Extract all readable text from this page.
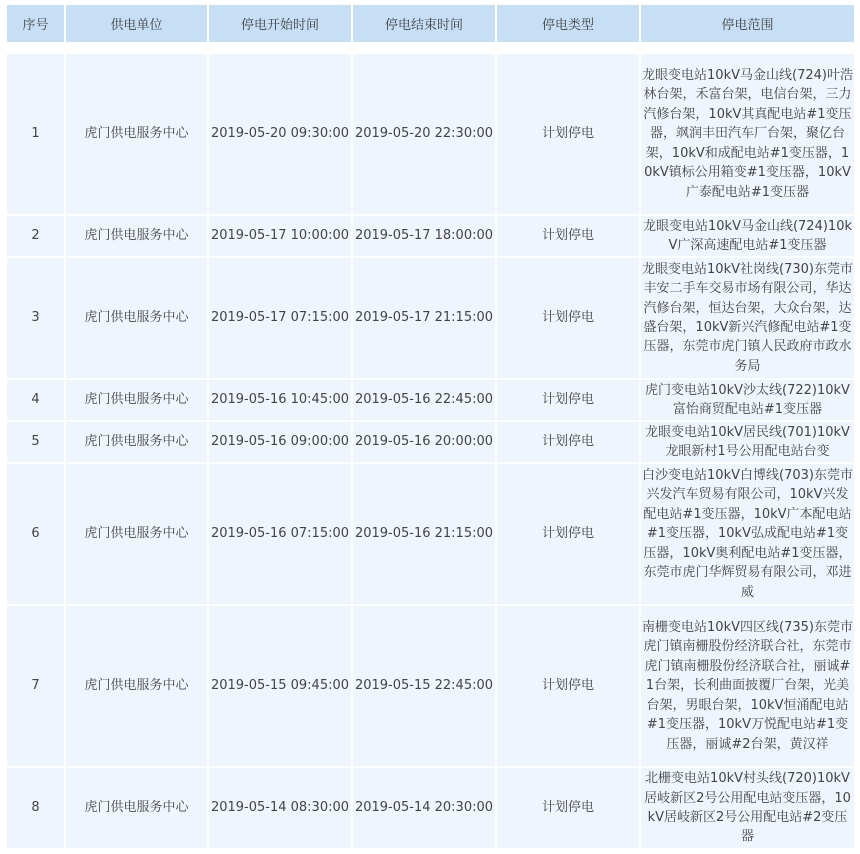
序号	供电单位	停电开始时间	停电结束时间	停电类型	停电范围

1	虎门供电服务中心	2019-05-20 09:30:00	2019-05-20 22:30:00	计划停电	龙眼变电站10kV马金山线(724)叶浩林台架，禾富台架，电信台架，三力汽修台架，10kV其真配电站#1变压器，飒润丰田汽车厂台架，聚亿台架，10kV和成配电站#1变压器，10kV镇标公用箱变#1变压器，10kV广泰配电站#1变压器
2	虎门供电服务中心	2019-05-17 10:00:00	2019-05-17 18:00:00	计划停电	龙眼变电站10kV马金山线(724)10kV广深高速配电站#1变压器
3	虎门供电服务中心	2019-05-17 07:15:00	2019-05-17 21:15:00	计划停电	龙眼变电站10kV社岗线(730)东莞市丰安二手车交易市场有限公司，华达汽修台架，恒达台架，大众台架，达盛台架，10kV新兴汽修配电站#1变压器，东莞市虎门镇人民政府市政水务局
4	虎门供电服务中心	2019-05-16 10:45:00	2019-05-16 22:45:00	计划停电	虎门变电站10kV沙太线(722)10kV富怡商贸配电站#1变压器
5	虎门供电服务中心	2019-05-16 09:00:00	2019-05-16 20:00:00	计划停电	龙眼变电站10kV居民线(701)10kV龙眼新村1号公用配电站台变
6	虎门供电服务中心	2019-05-16 07:15:00	2019-05-16 21:15:00	计划停电	白沙变电站10kV白博线(703)东莞市兴发汽车贸易有限公司，10kV兴发配电站#1变压器，10kV广本配电站#1变压器，10kV弘成配电站#1变压器，10kV奥利配电站#1变压器，东莞市虎门华辉贸易有限公司，邓进威
7	虎门供电服务中心	2019-05-15 09:45:00	2019-05-15 22:45:00	计划停电	南栅变电站10kV四区线(735)东莞市虎门镇南栅股份经济联合社，东莞市虎门镇南栅股份经济联合社，丽诚#1台架，长利曲面披覆厂台架，光美台架，男眼台架，10kV恒涌配电站#1变压器，10kV万悦配电站#1变压器，丽诚#2台架，黄汉祥
8	虎门供电服务中心	2019-05-14 08:30:00	2019-05-14 20:30:00	计划停电	北栅变电站10kV村头线(720)10kV居岐新区2号公用配电站变压器，10kV居岐新区2号公用配电站#2变压器
